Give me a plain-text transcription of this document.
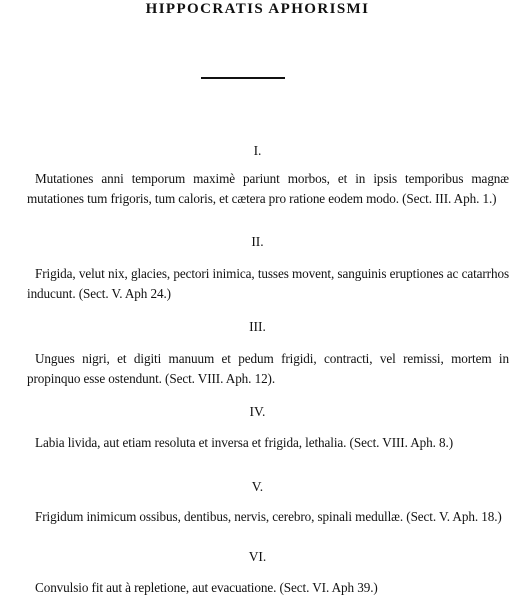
HIPPOCRATIS APHORISMI
I.
Mutationes anni temporum maximè pariunt morbos, et in ipsis temporibus magnæ mutationes tum frigoris, tum caloris, et cætera pro ratione eodem modo. (Sect. III. Aph. 1.)
II.
Frigida, velut nix, glacies, pectori inimica, tusses movent, sanguinis eruptiones ac catarrhos inducunt. (Sect. V. Aph 24.)
III.
Ungues nigri, et digiti manuum et pedum frigidi, contracti, vel remissi, mortem in propinquo esse ostendunt. (Sect. VIII. Aph. 12).
IV.
Labia livida, aut etiam resoluta et inversa et frigida, lethalia. (Sect. VIII. Aph. 8.)
V.
Frigidum inimicum ossibus, dentibus, nervis, cerebro, spinali medullæ. (Sect. V. Aph. 18.)
VI.
Convulsio fit aut à repletione, aut evacuatione. (Sect. VI. Aph 39.)
